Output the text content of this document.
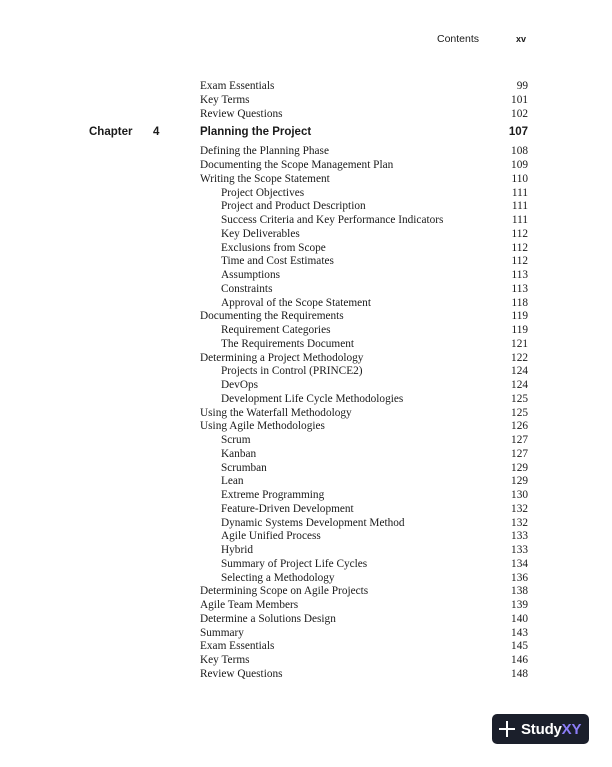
Contents	xv
Exam Essentials	99
Key Terms	101
Review Questions	102
Chapter 4	Planning the Project	107
Defining the Planning Phase	108
Documenting the Scope Management Plan	109
Writing the Scope Statement	110
Project Objectives	111
Project and Product Description	111
Success Criteria and Key Performance Indicators	111
Key Deliverables	112
Exclusions from Scope	112
Time and Cost Estimates	112
Assumptions	113
Constraints	113
Approval of the Scope Statement	118
Documenting the Requirements	119
Requirement Categories	119
The Requirements Document	121
Determining a Project Methodology	122
Projects in Control (PRINCE2)	124
DevOps	124
Development Life Cycle Methodologies	125
Using the Waterfall Methodology	125
Using Agile Methodologies	126
Scrum	127
Kanban	127
Scrumban	129
Lean	129
Extreme Programming	130
Feature-Driven Development	132
Dynamic Systems Development Method	132
Agile Unified Process	133
Hybrid	133
Summary of Project Life Cycles	134
Selecting a Methodology	136
Determining Scope on Agile Projects	138
Agile Team Members	139
Determine a Solutions Design	140
Summary	143
Exam Essentials	145
Key Terms	146
Review Questions	148
StudyXY
